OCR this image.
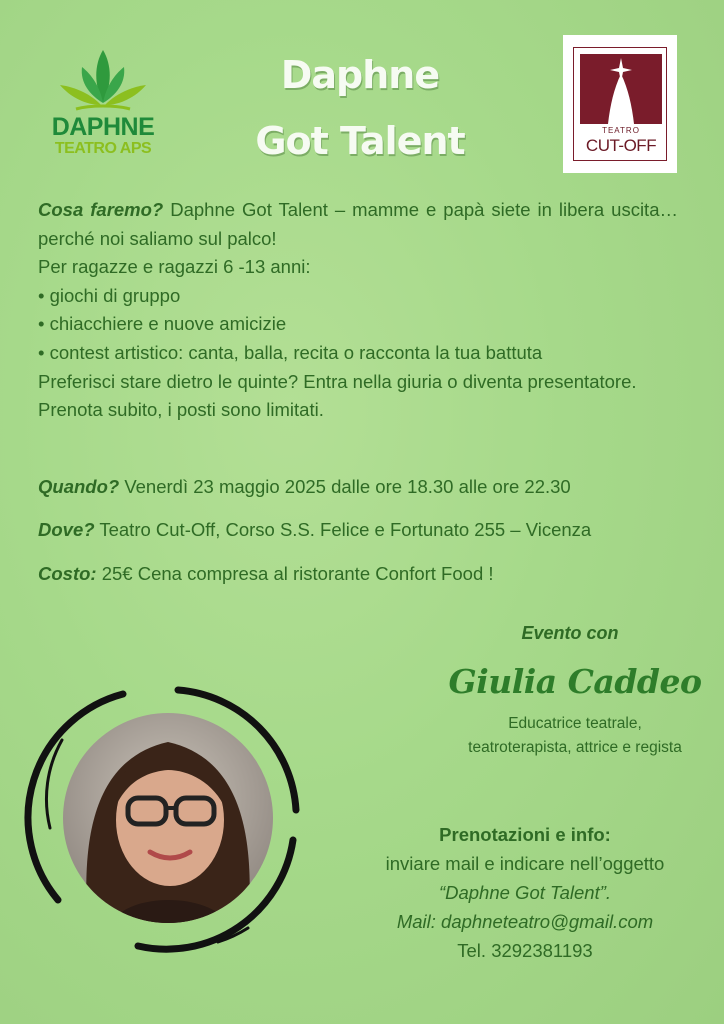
DAPHNE
TEATRO APS
Daphne
Got Talent	TEATRO
CUT-OFF

Cosa faremo? Daphne Got Talent – mamme e papà siete in libera uscita… perché noi saliamo sul palco!

Per ragazze e ragazzi 6 -13 anni:

• giochi di gruppo

• chiacchiere e nuove amicizie

• contest artistico: canta, balla, recita o racconta la tua battuta

Preferisci stare dietro le quinte? Entra nella giuria o diventa presentatore.

Prenota subito, i posti sono limitati.

Quando? Venerdì 23 maggio 2025 dalle ore 18.30 alle ore 22.30
Dove? Teatro Cut-Off, Corso S.S. Felice e Fortunato 255 – Vicenza
Costo: 25€ Cena compresa al ristorante Confort Food !
Evento con
Giulia Caddeo
Educatrice teatrale,
teatroterapista, attrice e regista
Prenotazioni e info:
inviare mail e indicare nell’oggetto
“Daphne Got Talent”.
Mail: daphneteatro@gmail.com
Tel. 3292381193
